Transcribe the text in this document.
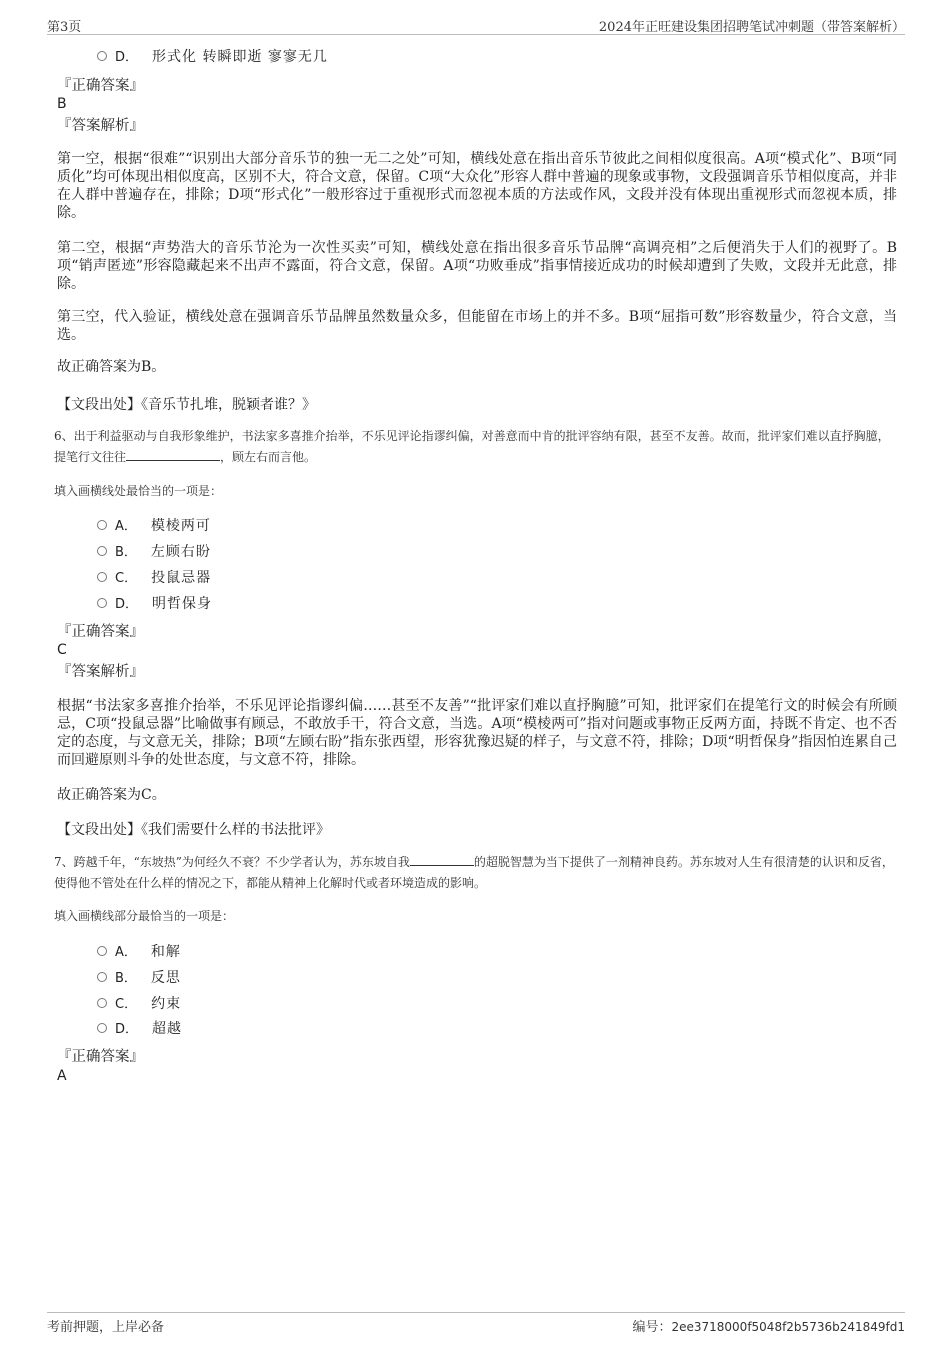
第3页	2024年正旺建设集团招聘笔试冲刺题（带答案解析）
D． 形式化 转瞬即逝 寥寥无几
『正确答案』
B
『答案解析』
第一空，根据“很难”“识别出大部分音乐节的独一无二之处”可知，横线处意在指出音乐节彼此之间相似度很高。A项“模式化”、B项“同质化”均可体现出相似度高，区别不大，符合文意，保留。C项“大众化”形容人群中普遍的现象或事物，文段强调音乐节相似度高，并非在人群中普遍存在，排除；D项“形式化”一般形容过于重视形式而忽视本质的方法或作风，文段并没有体现出重视形式而忽视本质，排除。
第二空，根据“声势浩大的音乐节沦为一次性买卖”可知，横线处意在指出很多音乐节品牌“高调亮相”之后便消失于人们的视野了。B项“销声匿迹”形容隐藏起来不出声不露面，符合文意，保留。A项“功败垂成”指事情接近成功的时候却遭到了失败，文段并无此意，排除。
第三空，代入验证，横线处意在强调音乐节品牌虽然数量众多，但能留在市场上的并不多。B项“屈指可数”形容数量少，符合文意，当选。
故正确答案为B。
【文段出处】《音乐节扎堆，脱颖者谁？》
6、出于利益驱动与自我形象维护，书法家多喜推介抬举，不乐见评论指谬纠偏，对善意而中肯的批评容纳有限，甚至不友善。故而，批评家们难以直抒胸臆，提笔行文往往	，顾左右而言他。
填入画横线处最恰当的一项是：
A． 模棱两可
B． 左顾右盼
C． 投鼠忌器
D． 明哲保身
『正确答案』
C
『答案解析』
根据“书法家多喜推介抬举，不乐见评论指谬纠偏……甚至不友善”“批评家们难以直抒胸臆”可知，批评家们在提笔行文的时候会有所顾忌，C项“投鼠忌器”比喻做事有顾忌，不敢放手干，符合文意，当选。A项“模棱两可”指对问题或事物正反两方面，持既不肯定、也不否定的态度，与文意无关，排除；B项“左顾右盼”指东张西望，形容犹豫迟疑的样子，与文意不符，排除；D项“明哲保身”指因怕连累自己而回避原则斗争的处世态度，与文意不符，排除。
故正确答案为C。
【文段出处】《我们需要什么样的书法批评》
7、跨越千年，“东坡热”为何经久不衰？不少学者认为，苏东坡自我	的超脱智慧为当下提供了一剂精神良药。苏东坡对人生有很清楚的认识和反省，使得他不管处在什么样的情况之下，都能从精神上化解时代或者环境造成的影响。
填入画横线部分最恰当的一项是：
A． 和解
B． 反思
C． 约束
D． 超越
『正确答案』
A
考前押题，上岸必备	编号：2ee3718000f5048f2b5736b241849fd1
